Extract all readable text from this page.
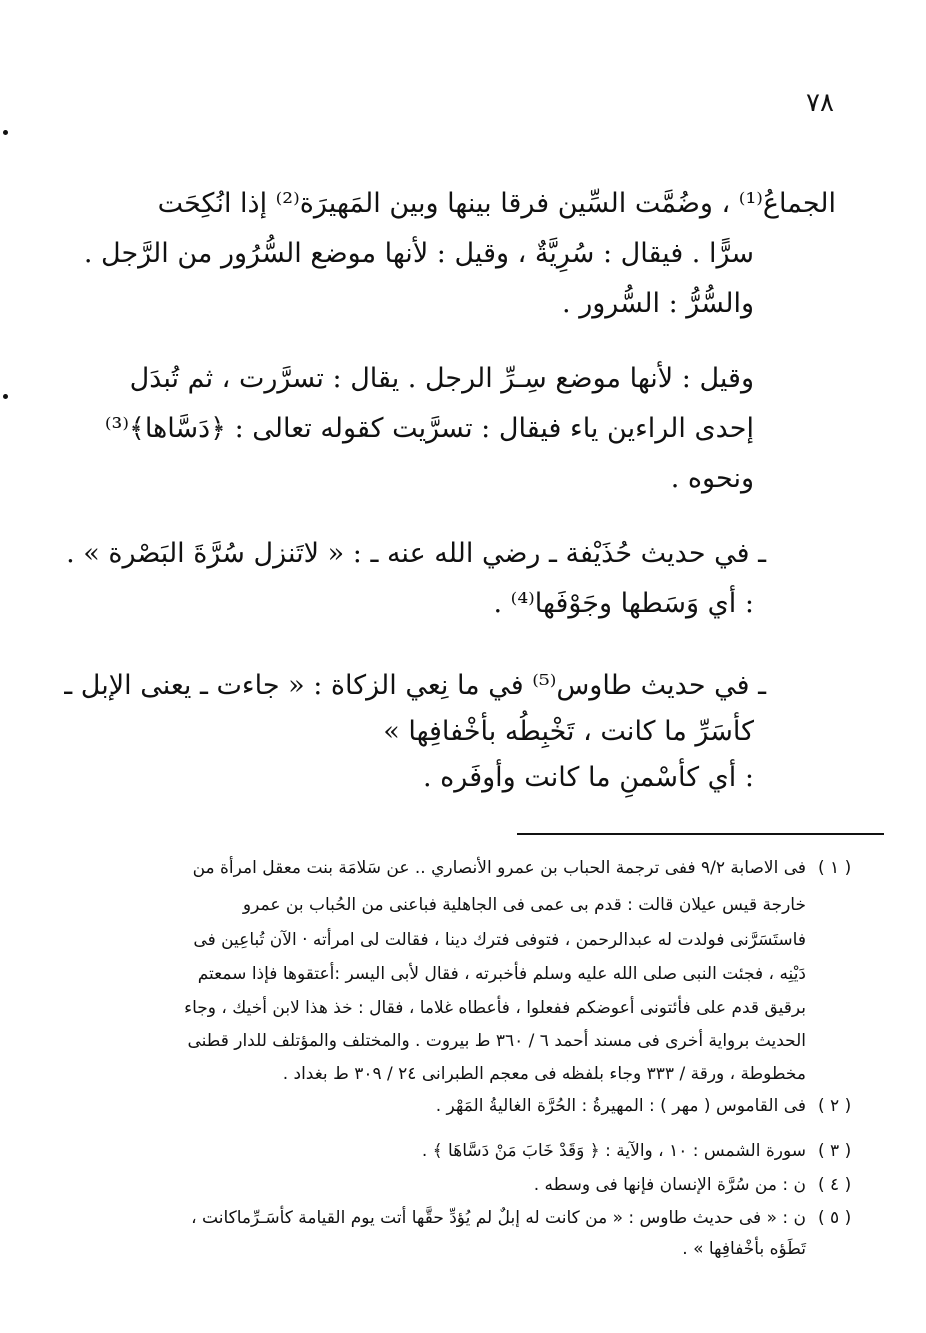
٧٨
الجماعُ⁽¹⁾ ، وضُمَّت السِّين فرقا بينها وبين المَهيرَة⁽²⁾ إذا انُكِحَت
سرًّا . فيقال : سُرِيَّةٌ ، وقيل : لأنها موضع السُّرُور من الرَّجل .
والسُّرُّ : السُّرور .
وقيل : لأنها موضع سِـرِّ الرجل . يقال : تسرَّرت ، ثم تُبدَل
إحدى الراءين ياء فيقال : تسرَّيت كقوله تعالى : ﴿دَسَّاها﴾⁽³⁾
ونحوه .
ـ في حديث حُذَيْفة ـ رضي الله عنه ـ : « لاتَنزل سُرَّةَ البَصْرة » .
: أي وَسَطها وجَوْفَها⁽⁴⁾ .
ـ في حديث طاوس⁽⁵⁾ في ما نِعي الزكاة : « جاءت ـ يعنى الإبل ـ
كأسَرِّ ما كانت ، تَخْبِطُه بأخْفافِها »
: أي كأسْمنِ ما كانت وأوفَره .
( ١ )
فى الاصابة ٩/٢ ففى ترجمة الحباب بن عمرو الأنصاري .. عن سَلامَة بنت معقل امرأة من
خارجة قيس عيلان قالت : قدم بى عمى فى الجاهلية فباعنى من الحُباب بن عمرو
فاستَسَرَّنى فولدت له عبدالرحمن ، فتوفى فترك دينا ، فقالت لى امرأته · الآن تُباعِين فى
دَيْنِه ، فجئت النبى صلى الله عليه وسلم فأخبرته ، فقال لأبى اليسر :أعتقوها فإذا سمعتم
برقيق قدم على فأئتونى أعوضكم ففعلوا ، فأعطاه غلاما ، فقال : خذ هذا لابن أخيك ، وجاء
الحديث برواية أخرى فى مسند أحمد ٦ / ٣٦٠ ط بيروت . والمختلف والمؤتلف للدار قطنى
مخطوطة ، ورقة / ٣٣٣ وجاء بلفظه فى معجم الطبرانى ٢٤ / ٣٠٩ ط بغداد .
( ٢ )
فى القاموس ( مهر ) : المهيرةُ : الحُرَّة الغاليةُ المَهْر .
( ٣ )
سورة الشمس : ١٠ ، والآية : ﴿ وَقَدْ خَابَ مَنْ دَسَّاهَا ﴾ .
( ٤ )
ن : من سُرَّة الإنسان فإنها فى وسطه .
( ٥ )
ن : « فى حديث طاوس : « من كانت له إبلٌ لم يُؤدِّ حقَّها أتت يوم القيامة كأسَـرِّماكانت ،
تَطَؤه بأخْفافِها » .
